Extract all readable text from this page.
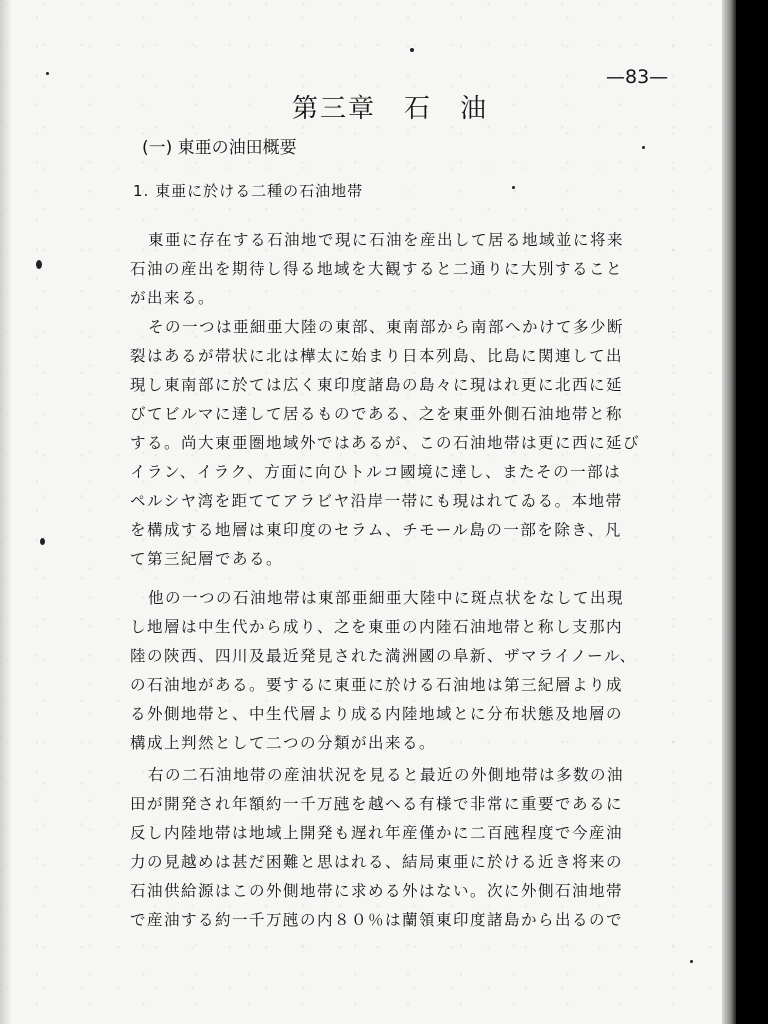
—83—

第三章　石　油
(一) 東亜の油田概要
1. 東亜に於ける二種の石油地帯

東亜に存在する石油地で現に石油を産出して居る地域並に将来

石油の産出を期待し得る地域を大観すると二通りに大別すること

が出来る。

その一つは亜細亜大陸の東部、東南部から南部へかけて多少断

裂はあるが帯状に北は樺太に始まり日本列島、比島に関連して出

現し東南部に於ては広く東印度諸島の島々に現はれ更に北西に延

びてビルマに達して居るものである、之を東亜外側石油地帯と称

する。尚大東亜圏地域外ではあるが、この石油地帯は更に西に延び

イラン、イラク、方面に向ひトルコ國境に達し、またその一部は

ペルシヤ湾を距ててアラビヤ沿岸一帯にも現はれてゐる。本地帯

を構成する地層は東印度のセラム、チモール島の一部を除き、凡

て第三紀層である。

他の一つの石油地帯は東部亜細亜大陸中に斑点状をなして出現

し地層は中生代から成り、之を東亜の内陸石油地帯と称し支那内

陸の陝西、四川及最近発見された満洲國の阜新、ザマライノール、

の石油地がある。要するに東亜に於ける石油地は第三紀層より成

る外側地帯と、中生代層より成る内陸地域とに分布状態及地層の

構成上判然として二つの分類が出来る。

右の二石油地帯の産油状況を見ると最近の外側地帯は多数の油

田が開発され年額約一千万瓲を越へる有様で非常に重要であるに

反し内陸地帯は地域上開発も遅れ年産僅かに二百瓲程度で今産油

力の見越めは甚だ困難と思はれる、結局東亜に於ける近き将来の

石油供給源はこの外側地帯に求める外はない。次に外側石油地帯

で産油する約一千万瓲の内８０％は蘭領東印度諸島から出るので
